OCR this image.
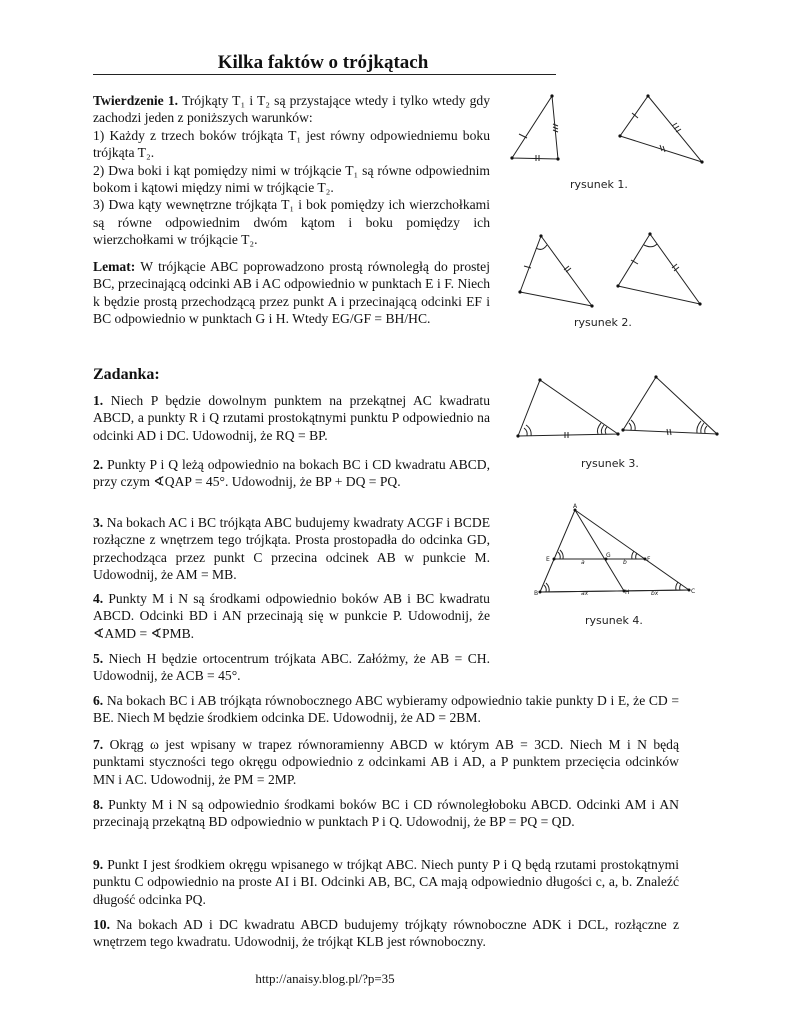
Kilka faktów o trójkątach
Twierdzenie 1. Trójkąty T₁ i T₂ są przystające wtedy i tylko wtedy gdy zachodzi jeden z poniższych warunków:
1) Każdy z trzech boków trójkąta T₁ jest równy odpowiedniemu boku trójkąta T₂.
2) Dwa boki i kąt pomiędzy nimi w trójkącie T₁ są równe odpowiednim bokom i kątowi między nimi w trójkącie T₂.
3) Dwa kąty wewnętrzne trójkąta T₁ i bok pomiędzy ich wierzchołkami są równe odpowiednim dwóm kątom i boku pomiędzy ich wierzchołkami w trójkącie T₂.
Lemat: W trójkącie ABC poprowadzono prostą równoległą do prostej BC, przecinającą odcinki AB i AC odpowiednio w punktach E i F. Niech k będzie prostą przechodzącą przez punkt A i przecinającą odcinki EF i BC odpowiednio w punktach G i H. Wtedy EG/GF = BH/HC.
Zadanka:
1. Niech P będzie dowolnym punktem na przekątnej AC kwadratu ABCD, a punkty R i Q rzutami prostokątnymi punktu P odpowiednio na odcinki AD i DC. Udowodnij, że RQ = BP.
2. Punkty P i Q leżą odpowiednio na bokach BC i CD kwadratu ABCD, przy czym ∢QAP = 45°. Udowodnij, że BP + DQ = PQ.
3. Na bokach AC i BC trójkąta ABC budujemy kwadraty ACGF i BCDE rozłączne z wnętrzem tego trójkąta. Prosta prostopadła do odcinka GD, przechodząca przez punkt C przecina odcinek AB w punkcie M. Udowodnij, że AM = MB.
4. Punkty M i N są środkami odpowiednio boków AB i BC kwadratu ABCD. Odcinki BD i AN przecinają się w punkcie P. Udowodnij, że ∢AMD = ∢PMB.
5. Niech H będzie ortocentrum trójkata ABC. Załóżmy, że AB = CH. Udowodnij, że ACB = 45°.
6. Na bokach BC i AB trójkąta równobocznego ABC wybieramy odpowiednio takie punkty D i E, że CD = BE. Niech M będzie środkiem odcinka DE. Udowodnij, że AD = 2BM.
7. Okrąg ω jest wpisany w trapez równoramienny ABCD w którym AB = 3CD. Niech M i N będą punktami styczności tego okręgu odpowiednio z odcinkami AB i AD, a P punktem przecięcia odcinków MN i AC. Udowodnij, że PM = 2MP.
8. Punkty M i N są odpowiednio środkami boków BC i CD równoległoboku ABCD. Odcinki AM i AN przecinają przekątną BD odpowiednio w punktach P i Q. Udowodnij, że BP = PQ = QD.
9. Punkt I jest środkiem okręgu wpisanego w trójkąt ABC. Niech punty P i Q będą rzutami prostokątnymi punktu C odpowiednio na proste AI i BI. Odcinki AB, BC, CA mają odpowiednio długości c, a, b. Znaleźć długość odcinka PQ.
10. Na bokach AD i DC kwadratu ABCD budujemy trójkąty równoboczne ADK i DCL, rozłączne z wnętrzem tego kwadratu. Udowodnij, że trójkąt KLB jest równoboczny.
http://anaisy.blog.pl/?p=35
rysunek 1.
rysunek 2.
rysunek 3.
A
E
G
F
B	H	C
a	b
ax	bx
rysunek 4.
